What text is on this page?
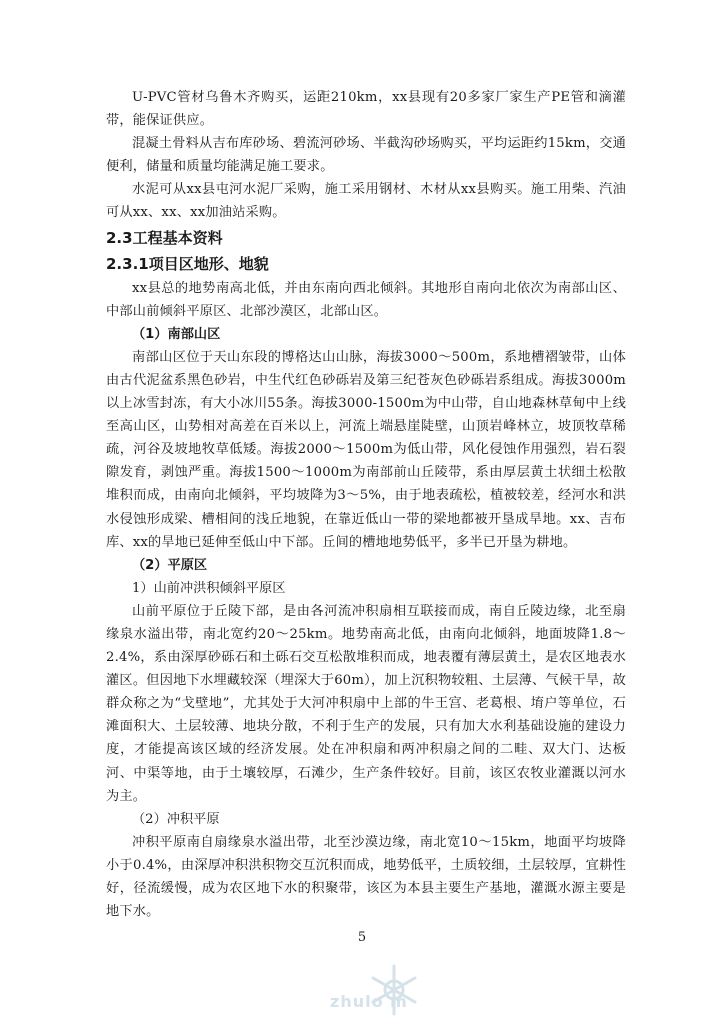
U-PVC管材乌鲁木齐购买，运距210km，xx县现有20多家厂家生产PE管和滴灌带，能保证供应。

混凝土骨料从吉布库砂场、碧流河砂场、半截沟砂场购买，平均运距约15km，交通便利，储量和质量均能满足施工要求。

水泥可从xx县屯河水泥厂采购，施工采用钢材、木材从xx县购买。施工用柴、汽油可从xx、xx、xx加油站采购。

2.3工程基本资料
2.3.1项目区地形、地貌

xx县总的地势南高北低，并由东南向西北倾斜。其地形自南向北依次为南部山区、中部山前倾斜平原区、北部沙漠区，北部山区。

（1）南部山区

南部山区位于天山东段的博格达山山脉，海拔3000～500m，系地槽褶皱带，山体由古代泥盆系黑色砂岩，中生代红色砂砾岩及第三纪苍灰色砂砾岩系组成。海拔3000m以上冰雪封冻，有大小冰川55条。海拔3000-1500m为中山带，自山地森林草甸中上线至高山区，山势相对高差在百米以上，河流上端悬崖陡壁，山顶岩峰林立，坡顶牧草稀疏，河谷及坡地牧草低矮。海拔2000～1500m为低山带，风化侵蚀作用强烈，岩石裂隙发育，剥蚀严重。海拔1500～1000m为南部前山丘陵带，系由厚层黄土状细土松散堆积而成，由南向北倾斜，平均坡降为3～5%，由于地表疏松，植被较差，经河水和洪水侵蚀形成梁、槽相间的浅丘地貌，在靠近低山一带的梁地都被开垦成旱地。xx、吉布库、xx的旱地已延伸至低山中下部。丘间的槽地地势低平，多半已开垦为耕地。

（2）平原区
1）山前冲洪积倾斜平原区

山前平原位于丘陵下部，是由各河流冲积扇相互联接而成，南自丘陵边缘，北至扇缘泉水溢出带，南北宽约20～25km。地势南高北低，由南向北倾斜，地面坡降1.8～2.4%，系由深厚砂砾石和土砾石交互松散堆积而成，地表覆有薄层黄土，是农区地表水灌区。但因地下水埋藏较深（埋深大于60m），加上沉积物较粗、土层薄、气候干旱，故群众称之为“戈壁地”，尤其处于大河冲积扇中上部的牛王宫、老葛根、堉户等单位，石滩面积大、土层较薄、地块分散，不利于生产的发展，只有加大水利基础设施的建设力度，才能提高该区域的经济发展。处在冲积扇和两冲积扇之间的二畦、双大门、达板河、中渠等地，由于土壤较厚，石滩少，生产条件较好。目前，该区农牧业灌溉以河水为主。

（2）冲积平原

冲积平原南自扇缘泉水溢出带，北至沙漠边缘，南北宽10～15km，地面平均坡降小于0.4%，由深厚冲积洪积物交互沉积而成，地势低平，土质较细，土层较厚，宜耕性好，径流缓慢，成为农区地下水的积聚带，该区为本县主要生产基地，灌溉水源主要是地下水。

5
zhulo m
